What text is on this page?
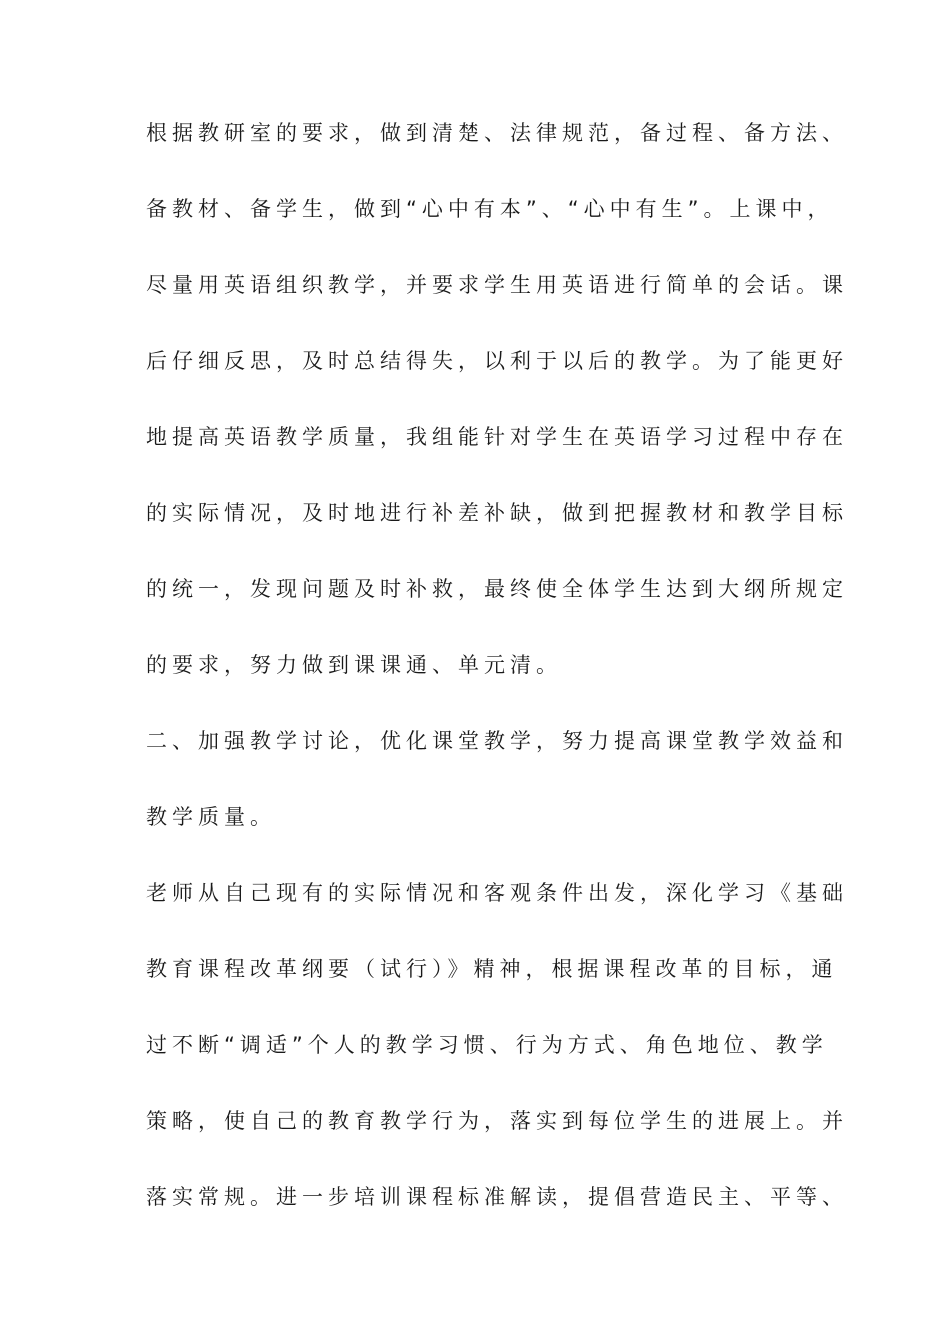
根据教研室的要求，做到清楚、法律规范，备过程、备方法、
备教材、备学生，做到“心中有本”、“心中有生”。上课中，
尽量用英语组织教学，并要求学生用英语进行简单的会话。课
后仔细反思，及时总结得失，以利于以后的教学。为了能更好
地提高英语教学质量，我组能针对学生在英语学习过程中存在
的实际情况，及时地进行补差补缺，做到把握教材和教学目标
的统一，发现问题及时补救，最终使全体学生达到大纲所规定
的要求，努力做到课课通、单元清。
二、加强教学讨论，优化课堂教学，努力提高课堂教学效益和
教学质量。
老师从自己现有的实际情况和客观条件出发，深化学习《基础
教育课程改革纲要（试行）》精神，根据课程改革的目标，通
过不断“调适”个人的教学习惯、行为方式、角色地位、教学
策略，使自己的教育教学行为，落实到每位学生的进展上。并
落实常规。进一步培训课程标准解读，提倡营造民主、平等、
